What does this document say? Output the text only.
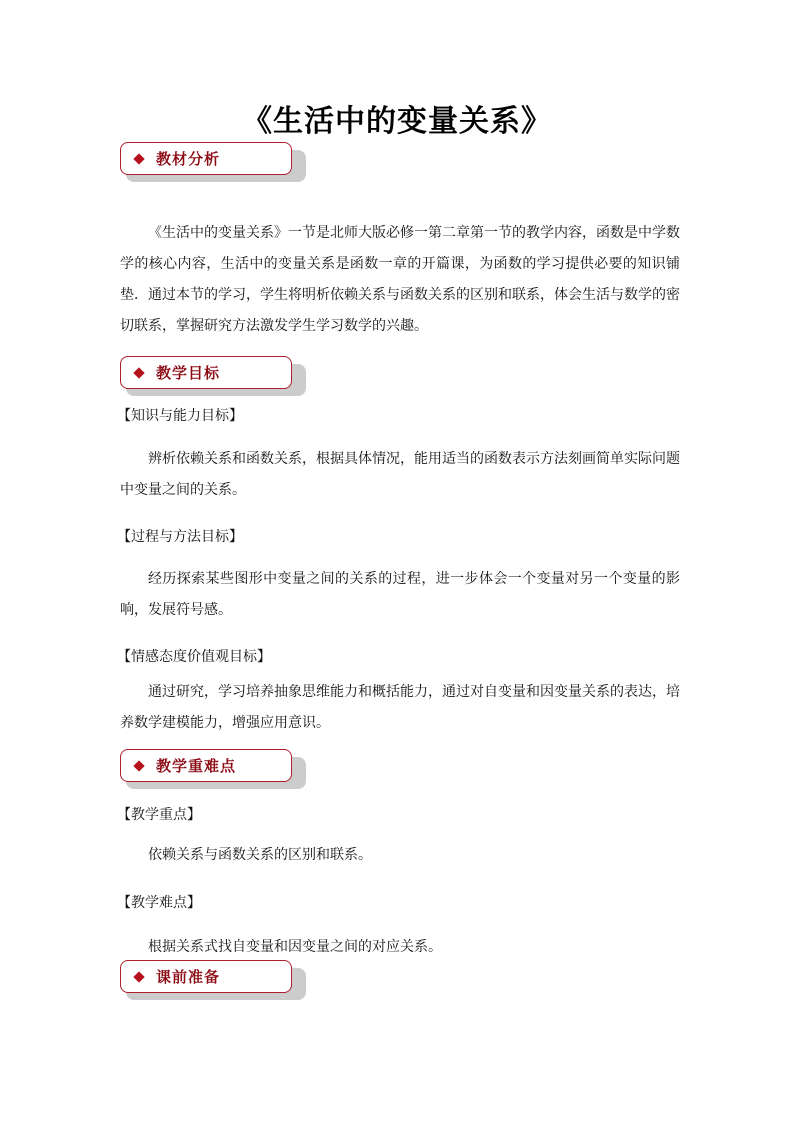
《生活中的变量关系》
教材分析
《生活中的变量关系》一节是北师大版必修一第二章第一节的教学内容，函数是中学数学的核心内容，生活中的变量关系是函数一章的开篇课，为函数的学习提供必要的知识铺垫．通过本节的学习，学生将明析依赖关系与函数关系的区别和联系，体会生活与数学的密切联系，掌握研究方法激发学生学习数学的兴趣。
教学目标
【知识与能力目标】
辨析依赖关系和函数关系，根据具体情况，能用适当的函数表示方法刻画简单实际问题中变量之间的关系。
【过程与方法目标】
经历探索某些图形中变量之间的关系的过程，进一步体会一个变量对另一个变量的影响，发展符号感。
【情感态度价值观目标】
通过研究，学习培养抽象思维能力和概括能力，通过对自变量和因变量关系的表达，培养数学建模能力，增强应用意识。
教学重难点
【教学重点】
依赖关系与函数关系的区别和联系。
【教学难点】
根据关系式找自变量和因变量之间的对应关系。
课前准备
